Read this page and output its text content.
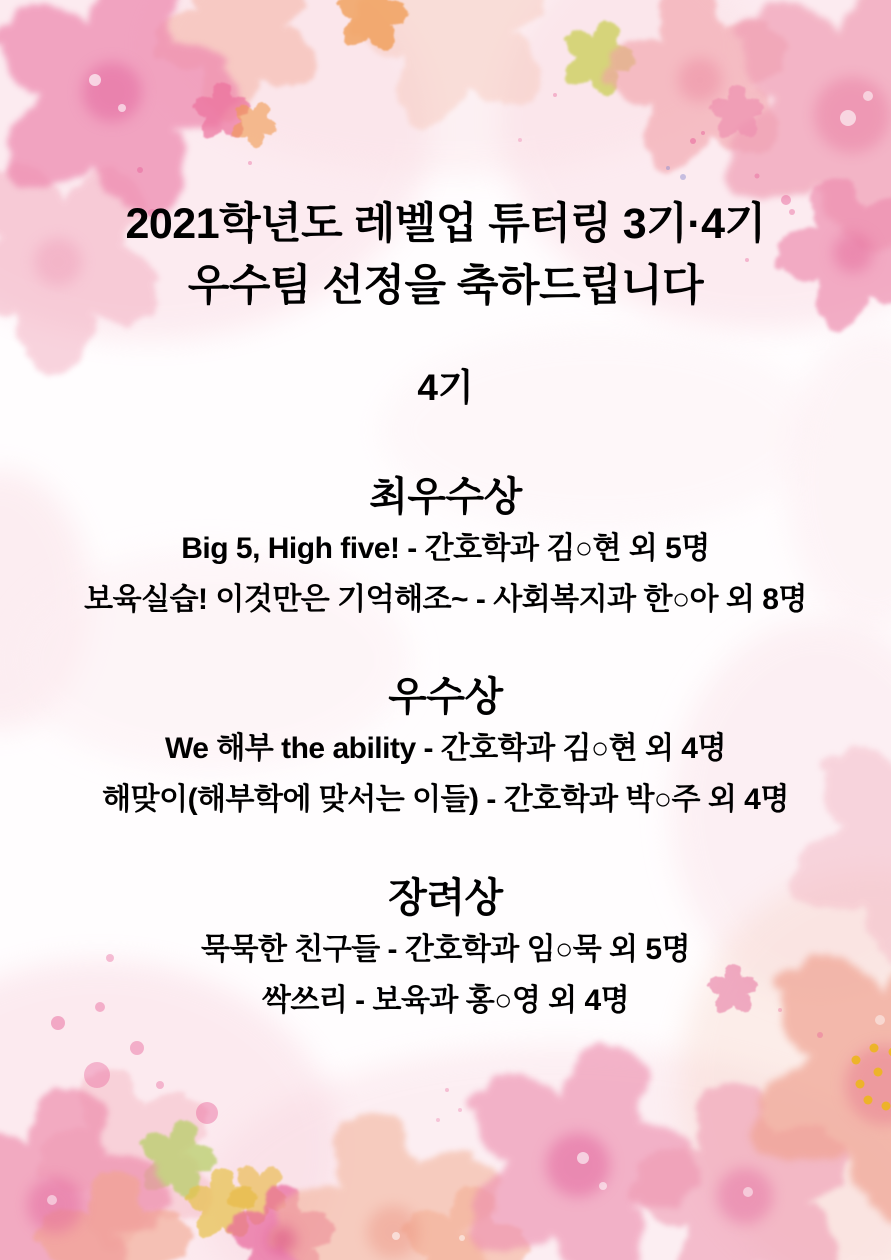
2021학년도 레벨업 튜터링 3기·4기
우수팀 선정을 축하드립니다
4기
최우수상

Big 5, High five! - 간호학과 김○현 외 5명

보육실습! 이것만은 기억해조~ - 사회복지과 한○아 외 8명

우수상

We 해부 the ability - 간호학과 김○현 외 4명

해맞이(해부학에 맞서는 이들) - 간호학과 박○주 외 4명

장려상

묵묵한 친구들 - 간호학과 임○묵 외 5명

싹쓰리 - 보육과 홍○영 외 4명
